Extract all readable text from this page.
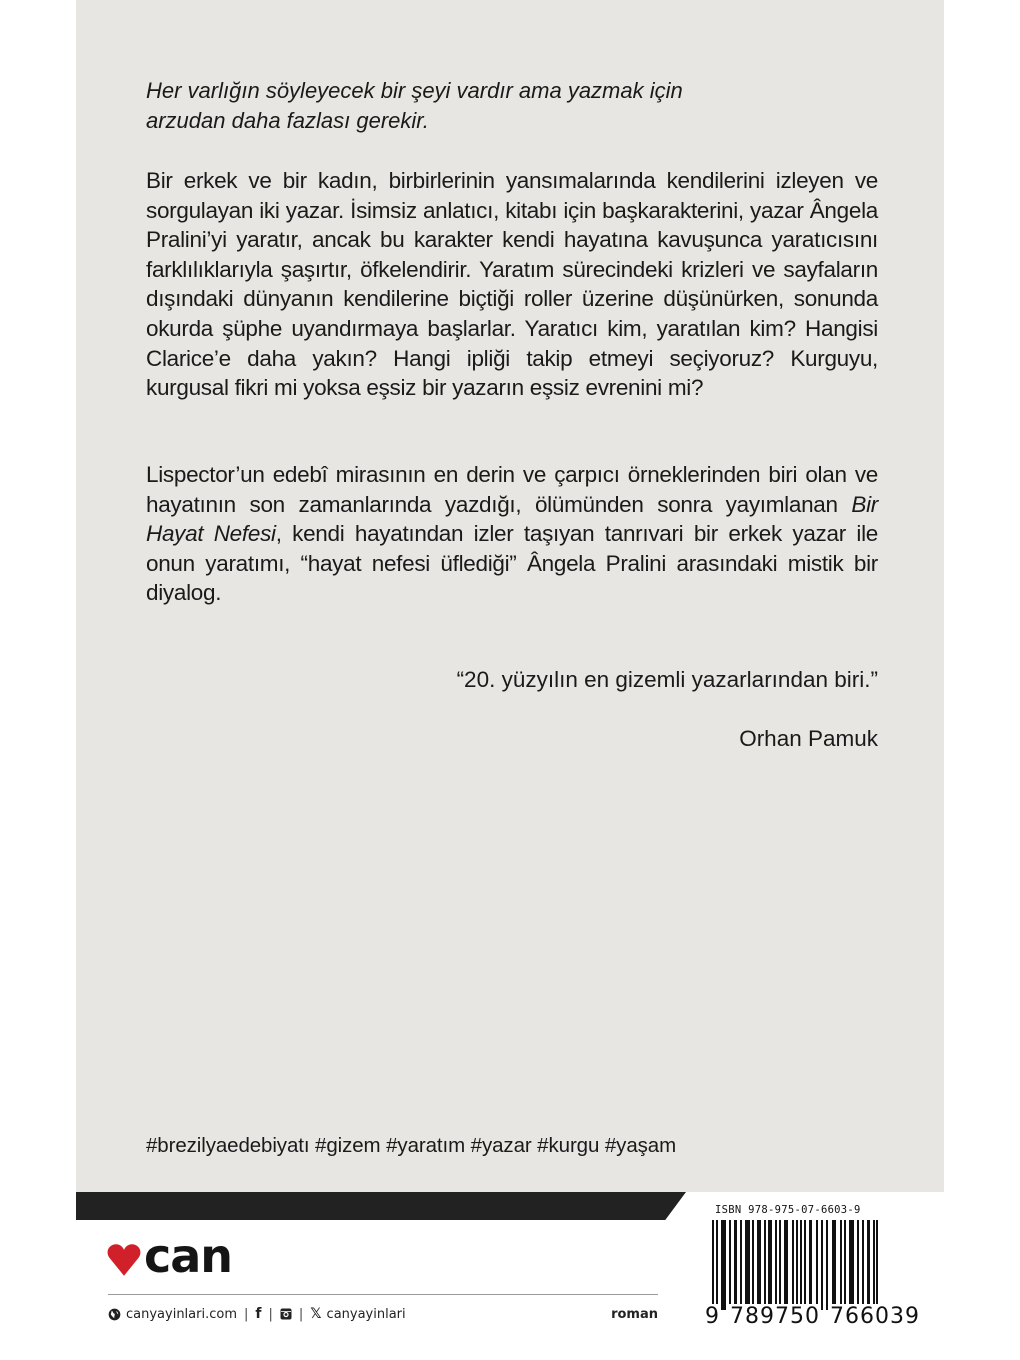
Her varlığın söyleyecek bir şeyi vardır ama yazmak için arzudan daha fazlası gerekir.
Bir erkek ve bir kadın, birbirlerinin yansımalarında kendilerini izleyen ve sorgulayan iki yazar. İsimsiz anlatıcı, kitabı için başkarakterini, yazar Ângela Pralini’yi yaratır, ancak bu karakter kendi hayatına kavuşunca yaratıcısını farklılıklarıyla şaşırtır, öfkelendirir. Yaratım sürecindeki krizleri ve sayfaların dışındaki dünyanın kendilerine biçtiği roller üzerine düşünürken, sonunda okurda şüphe uyandırmaya başlarlar. Yaratıcı kim, yaratılan kim? Hangisi Clarice’e daha yakın? Hangi ipliği takip etmeyi seçiyoruz? Kurguyu, kurgusal fikri mi yoksa eşsiz bir yazarın eşsiz evrenini mi?
Lispector’un edebî mirasının en derin ve çarpıcı örneklerinden biri olan ve hayatının son zamanlarında yazdığı, ölümünden sonra yayımlanan Bir Hayat Nefesi, kendi hayatından izler taşıyan tanrıvari bir erkek yazar ile onun yaratımı, “hayat nefesi üflediği” Ângela Pralini arasındaki mistik bir diyalog.
“20. yüzyılın en gizemli yazarlarından biri.”
Orhan Pamuk
#brezilyaedebiyatı #gizem #yaratım #yazar #kurgu #yaşam
can
canyayinlari.com | f | | 𝕏 canyayinlari	roman
ISBN 978-975-07-6603-9
9 789750 766039
